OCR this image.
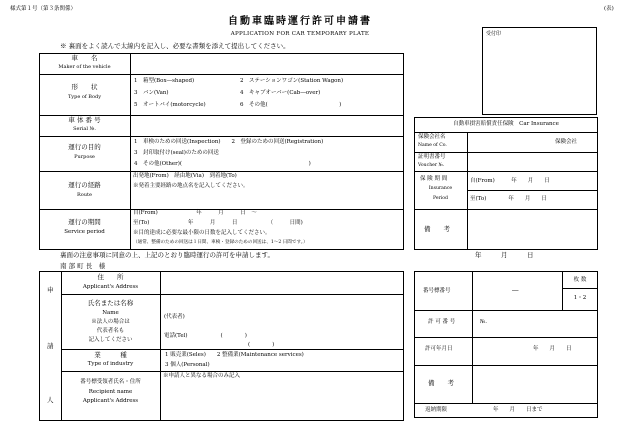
様式第１号（第３条関係）	(表)
自動車臨時運行許可申請書
APPLICATION FOR CAR TEMPORARY PLATE
※ 裏面をよく読んで太線内を記入し、必要な書類を添えて提出してください。
受付印
車　　名
Maker of the vehicle
形　　状
Type of Body
1　箱型(Box―shaped)	2　ステーションワゴン(Station Wagon)
3　バン(Van)	4　キャブオーバー(Cab―over)
5　オートバイ(motorcycle)	6　その他(　　　　　　　　　　　　　)
車 体 番 号
Serial №.
運行の目的
Purpose
1　車検のための回送(Inspection)　　2　登録のための回送(Registration)
3　封印取付け(seal)のための回送
4　その他(Other)(　　　　　　　　　　　　　　　　　　　　　　　)
運行の経路
Route
出発地(From)　経由地(Via)　到着地(To)
※発着主要経路の地点名を記入してください。
運行の期間
Service period
自(From)　　　　　　　年　　　月　　　日　～
至(To)　　　　　　　年　　　月　　　日　　　　　　（　　　日間)
※目的達成に必要な最小限の日数を記入してください。
（通常、整備のための回送は１日間、車検・登録のための回送は、1～2 日間です。）
自動車損害賠償責任保険　Car Insurance
保険会社名
Name of Co.
保険会社
証明書番号
Voucher №.
保 険 期 間
Insurance
Period
自(From)　　　年　　月　　日
至(To)　　　　年　　月　　日
備　　考
裏面の注意事項に同意の上、上記のとおり臨時運行の許可を申請します。	年　　　月　　　日
南 部 町 長　様
申
請
人
住　　所
Applicant's Address
氏名または名称
Name
※法人の場合は
代表者名も
記入してください
(代表者)
電話(Tel)　　　　　　(　　　　)
(　　　　)
業　　　種
Type of industry
1 販売業(Seles)　　2 整備業(Maintenance services)
3 個人(Personal)
番号標受領者氏名・住所
Recipient name
Applicant's Address
※申請人と異なる場合のみ記入
番号標番号	―
枚 数
1・2
許 可 番 号	№.
許可年月日	年　　月　　日
備　　考
返納期限	年　　月　　日まで
